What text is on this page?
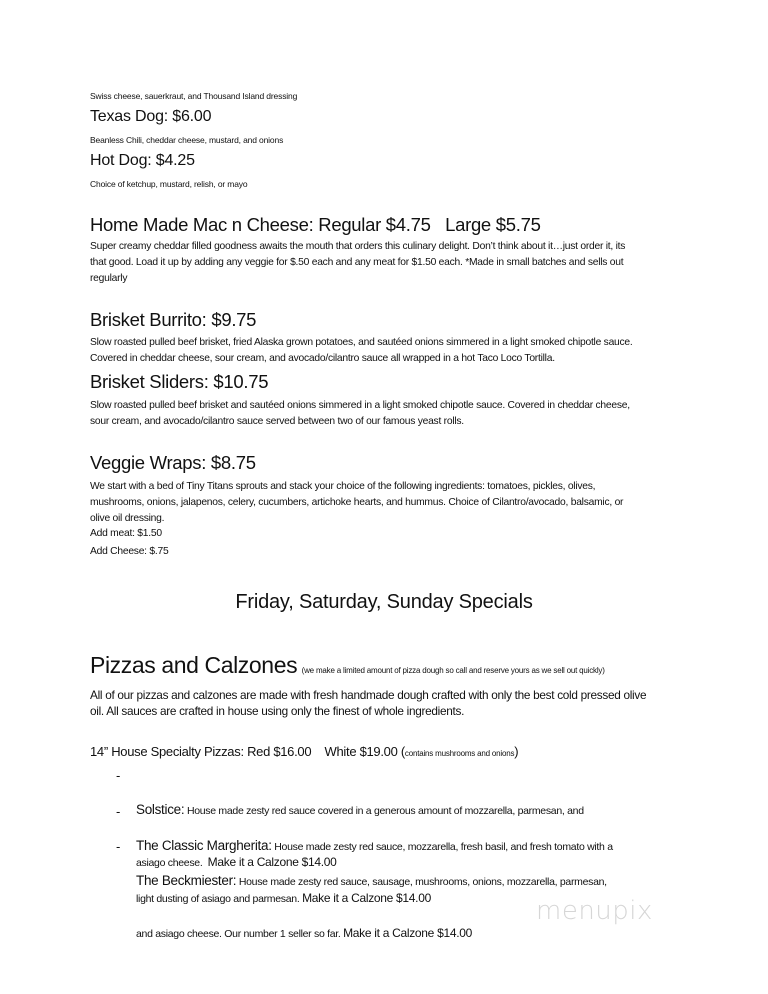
Swiss cheese, sauerkraut, and Thousand Island dressing
Texas Dog: $6.00
Beanless Chili, cheddar cheese, mustard, and onions
Hot Dog: $4.25
Choice of ketchup, mustard, relish, or mayo
Home Made Mac n Cheese: Regular $4.75   Large $5.75
Super creamy cheddar filled goodness awaits the mouth that orders this culinary delight. Don’t think about it…just order it, its
that good. Load it up by adding any veggie for $.50 each and any meat for $1.50 each. *Made in small batches and sells out
regularly
Brisket Burrito: $9.75
Slow roasted pulled beef brisket, fried Alaska grown potatoes, and sautéed onions simmered in a light smoked chipotle sauce.
Covered in cheddar cheese, sour cream, and avocado/cilantro sauce all wrapped in a hot Taco Loco Tortilla.
Brisket Sliders: $10.75
Slow roasted pulled beef brisket and sautéed onions simmered in a light smoked chipotle sauce. Covered in cheddar cheese,
sour cream, and avocado/cilantro sauce served between two of our famous yeast rolls.
Veggie Wraps: $8.75
We start with a bed of Tiny Titans sprouts and stack your choice of the following ingredients: tomatoes, pickles, olives,
mushrooms, onions, jalapenos, celery, cucumbers, artichoke hearts, and hummus. Choice of Cilantro/avocado, balsamic, or
olive oil dressing.
Add meat: $1.50
Add Cheese: $.75
Friday, Saturday, Sunday Specials
Pizzas and Calzones (we make a limited amount of pizza dough so call and reserve yours as we sell out quickly)
All of our pizzas and calzones are made with fresh handmade dough crafted with only the best cold pressed olive
oil. All sauces are crafted in house using only the finest of whole ingredients.
14” House Specialty Pizzas: Red $16.00    White $19.00 (contains mushrooms and onions)
-

Solstice: House made zesty red sauce covered in a generous amount of mozzarella, parmesan, and

asiago cheese.  Make it a Calzone $14.00

-

The Classic Margherita: House made zesty red sauce, mozzarella, fresh basil, and fresh tomato with a

light dusting of asiago and parmesan. Make it a Calzone $14.00

-

The Beckmiester: House made zesty red sauce, sausage, mushrooms, onions, mozzarella, parmesan,

and asiago cheese. Our number 1 seller so far. Make it a Calzone $14.00

menupix
